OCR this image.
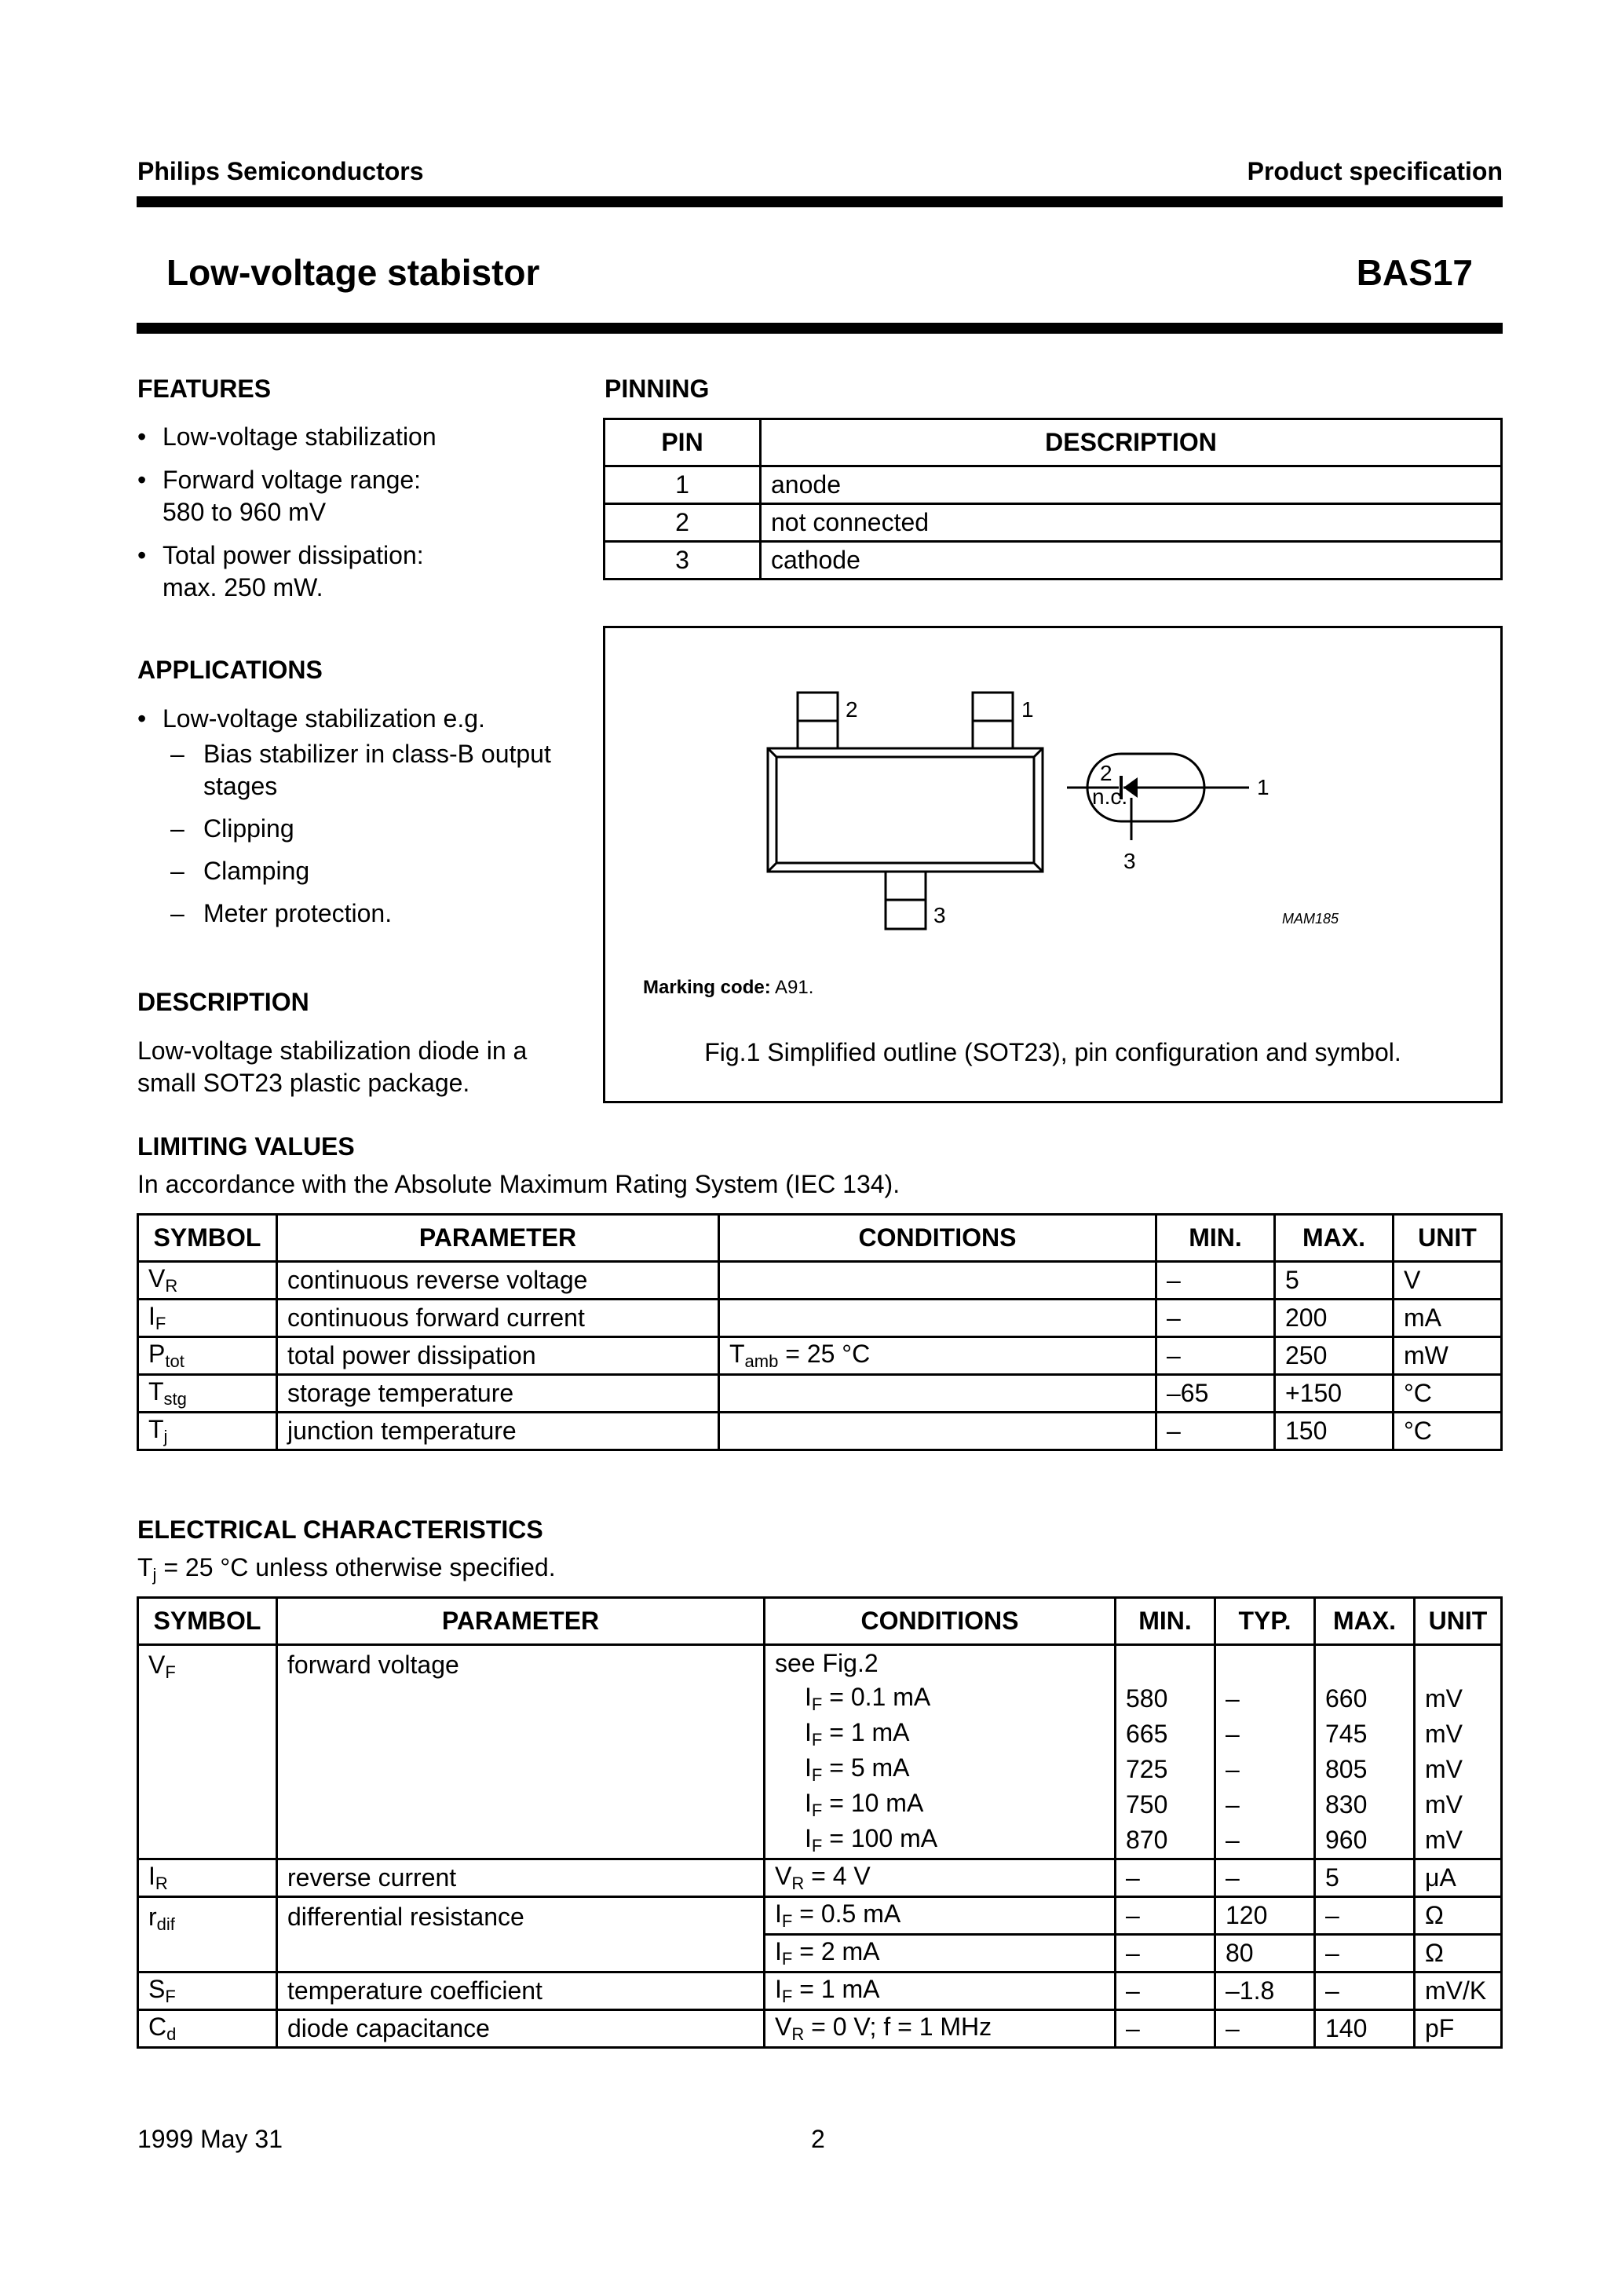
Philips Semiconductors	Product specification
Low-voltage stabistor	BAS17
FEATURES
• Low-voltage stabilization
• Forward voltage range:
580 to 960 mV
• Total power dissipation:
max. 250 mW.
APPLICATIONS
• Low-voltage stabilization e.g.
– Bias stabilizer in class-B output
stages
– Clipping
– Clamping
– Meter protection.
DESCRIPTION
Low-voltage stabilization diode in a
small SOT23 plastic package.
PINNING
PIN	DESCRIPTION
1	anode
2	not connected
3	cathode
2	1
3
2
n.c.	1
3
MAM185
Marking code: A91.
Fig.1 Simplified outline (SOT23), pin configuration and symbol.
LIMITING VALUES
In accordance with the Absolute Maximum Rating System (IEC 134).
SYMBOL	PARAMETER	CONDITIONS	MIN.	MAX.	UNIT
VR	continuous reverse voltage		–	5	V
IF	continuous forward current		–	200	mA
Ptot	total power dissipation	Tamb = 25 °C	–	250	mW
Tstg	storage temperature		–65	+150	°C
Tj	junction temperature		–	150	°C
ELECTRICAL CHARACTERISTICS
Tj = 25 °C unless otherwise specified.
SYMBOL	PARAMETER	CONDITIONS	MIN.	TYP.	MAX.	UNIT
VF	forward voltage	see Fig.2				
		IF = 0.1 mA	580	–	660	mV
		IF = 1 mA	665	–	745	mV
		IF = 5 mA	725	–	805	mV
		IF = 10 mA	750	–	830	mV
		IF = 100 mA	870	–	960	mV
IR	reverse current	VR = 4 V	–	–	5	μA
rdif	differential resistance	IF = 0.5 mA	–	120	–	Ω
		IF = 2 mA	–	80	–	Ω
SF	temperature coefficient	IF = 1 mA	–	–1.8	–	mV/K
Cd	diode capacitance	VR = 0 V; f = 1 MHz	–	–	140	pF
1999 May 31	2
